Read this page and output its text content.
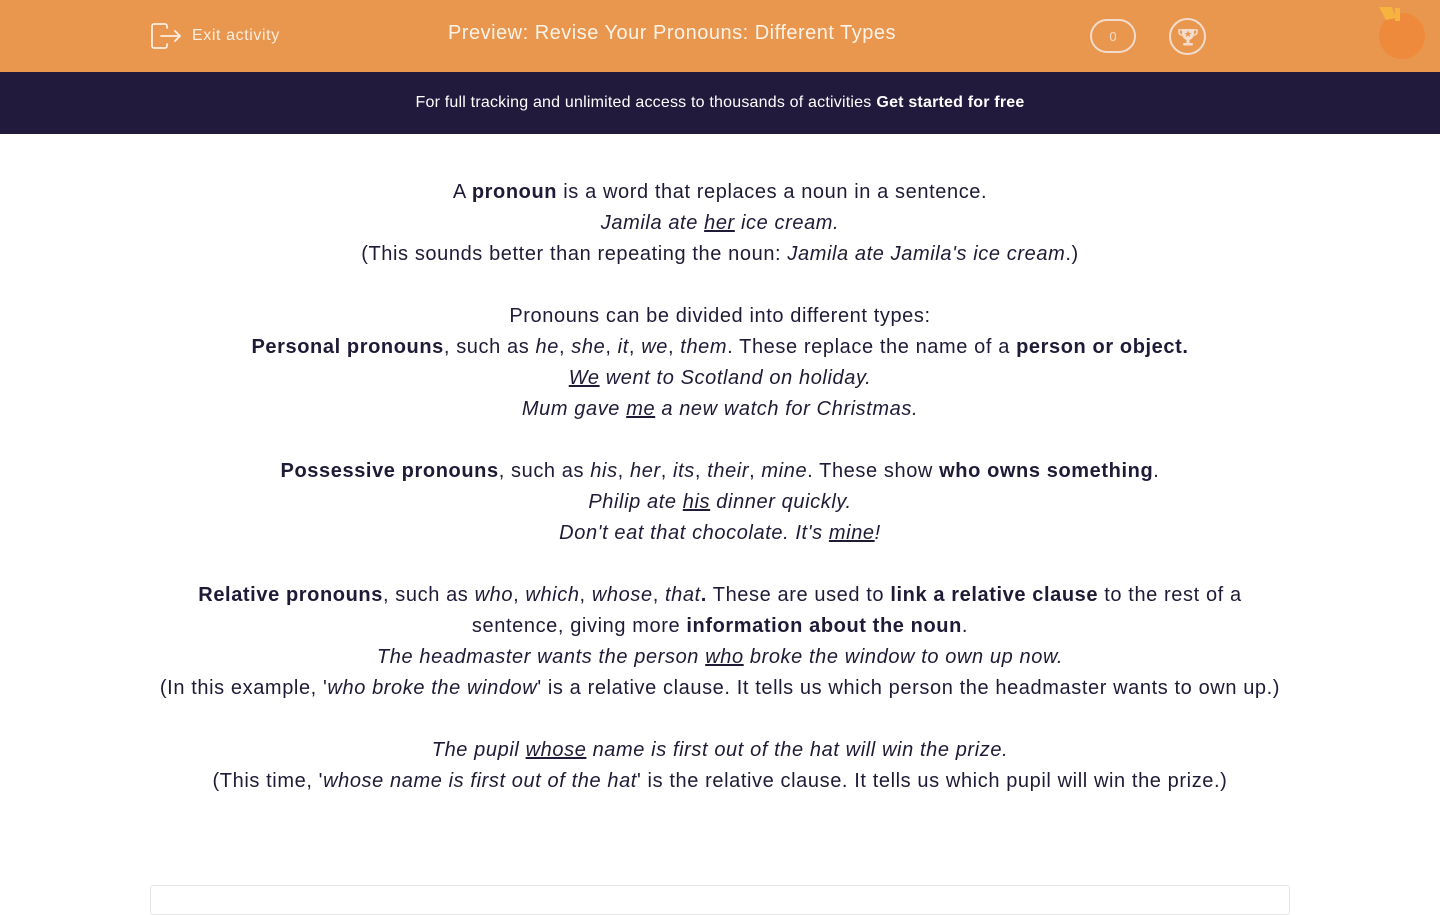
Exit activity	Preview: Revise Your Pronouns: Different Types	0
For full tracking and unlimited access to thousands of activities Get started for free

A pronoun is a word that replaces a noun in a sentence.

Jamila ate her ice cream.

(This sounds better than repeating the noun: Jamila ate Jamila's ice cream.)

Pronouns can be divided into different types:

Personal pronouns, such as he, she, it, we, them. These replace the name of a person or object.

We went to Scotland on holiday.

Mum gave me a new watch for Christmas.

Possessive pronouns, such as his, her, its, their, mine. These show who owns something.

Philip ate his dinner quickly.

Don't eat that chocolate. It's mine!

Relative pronouns, such as who, which, whose, that. These are used to link a relative clause to the rest of a sentence, giving more information about the noun.

The headmaster wants the person who broke the window to own up now.

(In this example, 'who broke the window' is a relative clause. It tells us which person the headmaster wants to own up.)

The pupil whose name is first out of the hat will win the prize.

(This time, 'whose name is first out of the hat' is the relative clause. It tells us which pupil will win the prize.)
